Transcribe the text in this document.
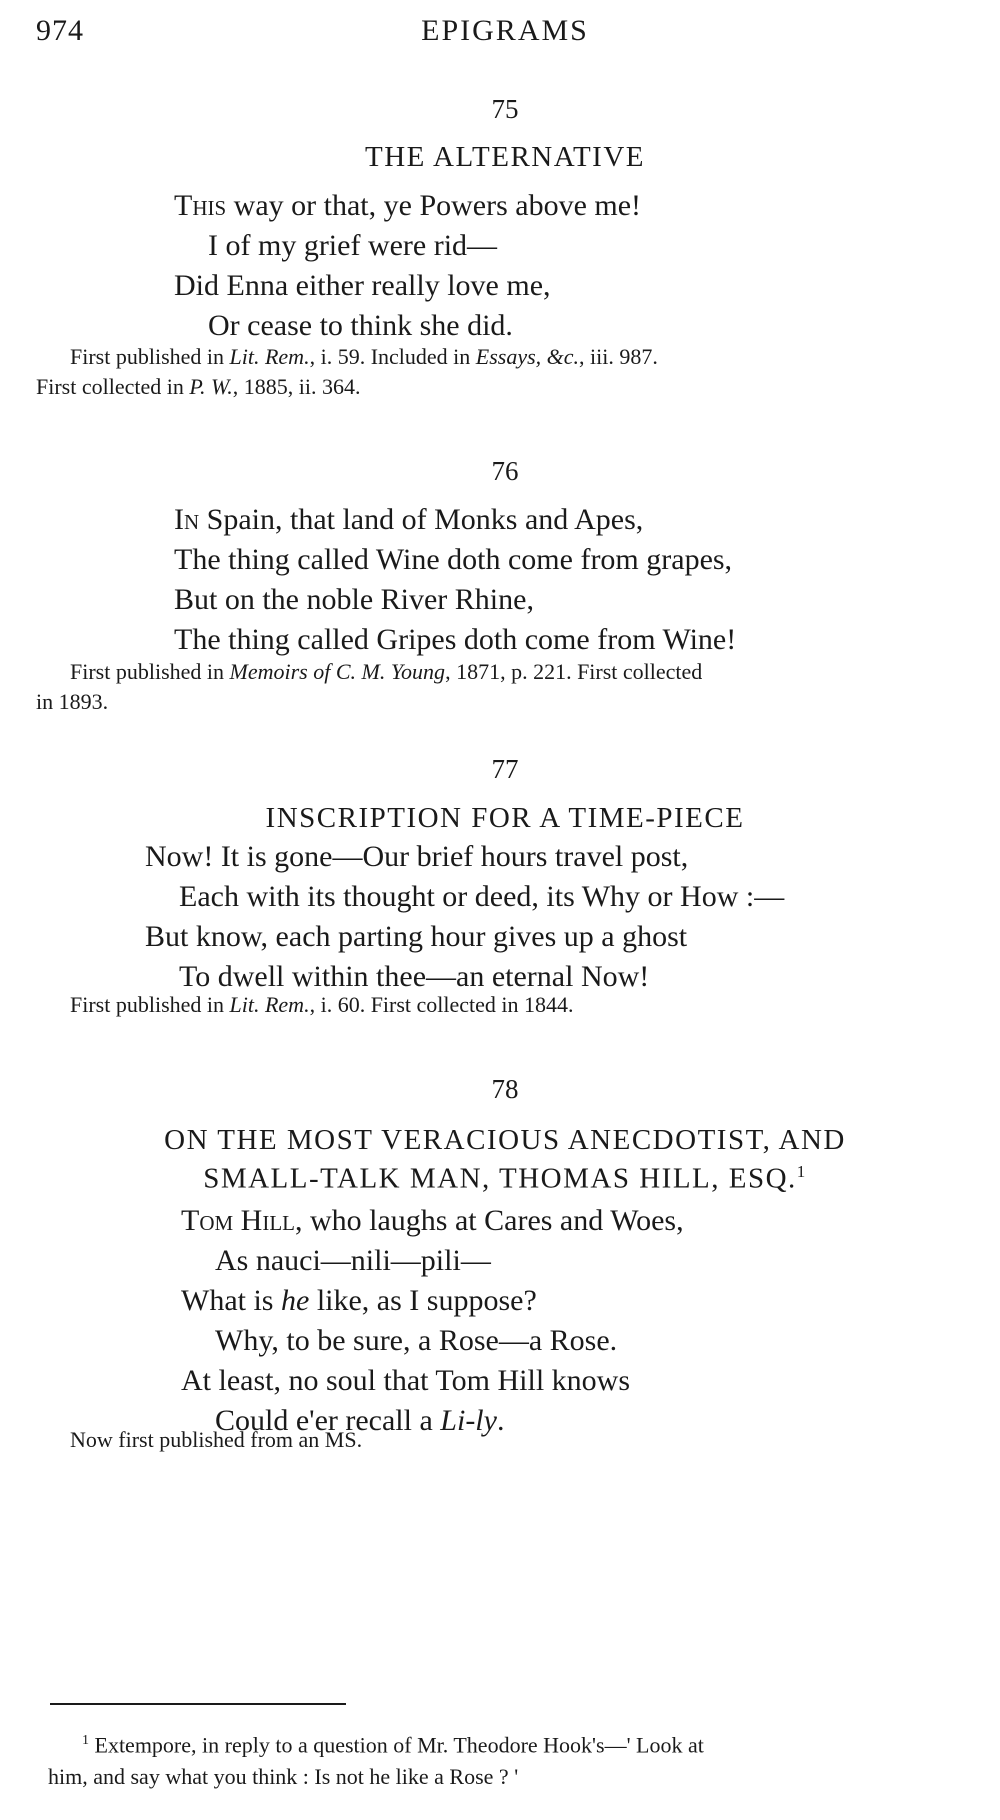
974	EPIGRAMS
75
THE ALTERNATIVE
This way or that, ye Powers above me!
I of my grief were rid—
Did Enna either really love me,
Or cease to think she did.
First published in Lit. Rem., i. 59. Included in Essays, &c., iii. 987.
First collected in P. W., 1885, ii. 364.
76
In Spain, that land of Monks and Apes,
The thing called Wine doth come from grapes,
But on the noble River Rhine,
The thing called Gripes doth come from Wine!
First published in Memoirs of C. M. Young, 1871, p. 221. First collected
in 1893.
77
INSCRIPTION FOR A TIME-PIECE
Now! It is gone—Our brief hours travel post,
Each with its thought or deed, its Why or How :—
But know, each parting hour gives up a ghost
To dwell within thee—an eternal Now!
First published in Lit. Rem., i. 60. First collected in 1844.
78
ON THE MOST VERACIOUS ANECDOTIST, AND
SMALL-TALK MAN, THOMAS HILL, ESQ.$^1$
Tom Hill, who laughs at Cares and Woes,
As nauci—nili—pili—
What is he like, as I suppose?
Why, to be sure, a Rose—a Rose.
At least, no soul that Tom Hill knows
Could e'er recall a Li-ly.
Now first published from an MS.
$^1$ Extempore, in reply to a question of Mr. Theodore Hook's—' Look at
him, and say what you think : Is not he like a Rose ? '
